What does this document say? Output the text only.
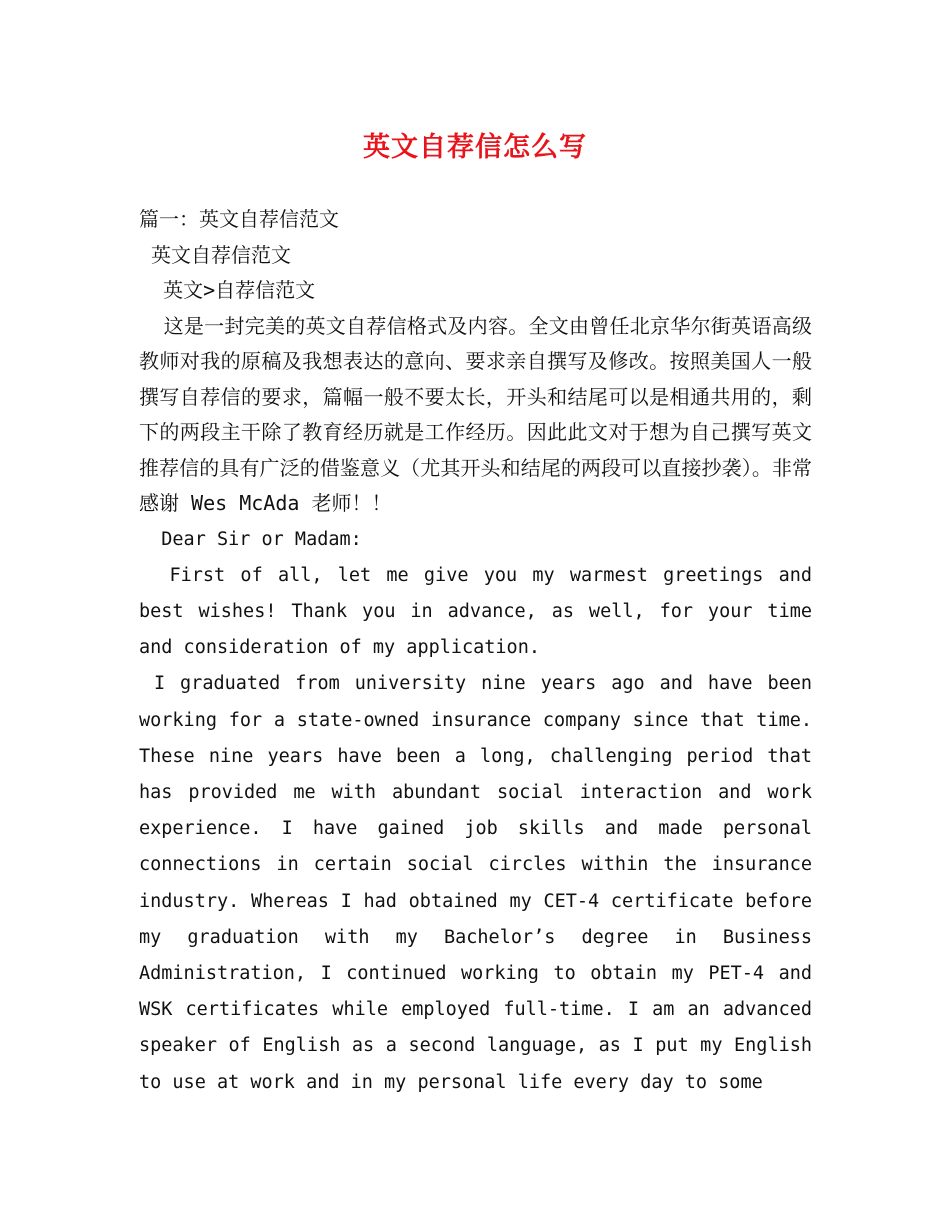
英文自荐信怎么写
篇一：英文自荐信范文
英文自荐信范文
英文>自荐信范文

这是一封完美的英文自荐信格式及内容。全文由曾任北京华尔街英语高级教师对我的原稿及我想表达的意向、要求亲自撰写及修改。按照美国人一般撰写自荐信的要求，篇幅一般不要太长，开头和结尾可以是相通共用的，剩下的两段主干除了教育经历就是工作经历。因此此文对于想为自己撰写英文推荐信的具有广泛的借鉴意义（尤其开头和结尾的两段可以直接抄袭）。非常感谢 Wes McAda 老师！！

Dear Sir or Madam:

First of all, let me give you my warmest greetings and best wishes! Thank you in advance, as well, for your time and consideration of my application.

I graduated from university nine years ago and have been working for a state-owned insurance company since that time. These nine years have been a long, challenging period that has provided me with abundant social interaction and work experience. I have gained job skills and made personal connections in certain social circles within the insurance industry. Whereas I had obtained my CET-4 certificate before my graduation with my Bachelor’s degree in Business Administration, I continued working to obtain my PET-4 and WSK certificates while employed full-time. I am an advanced speaker of English as a second language, as I put my English to use at work and in my personal life every day to some
